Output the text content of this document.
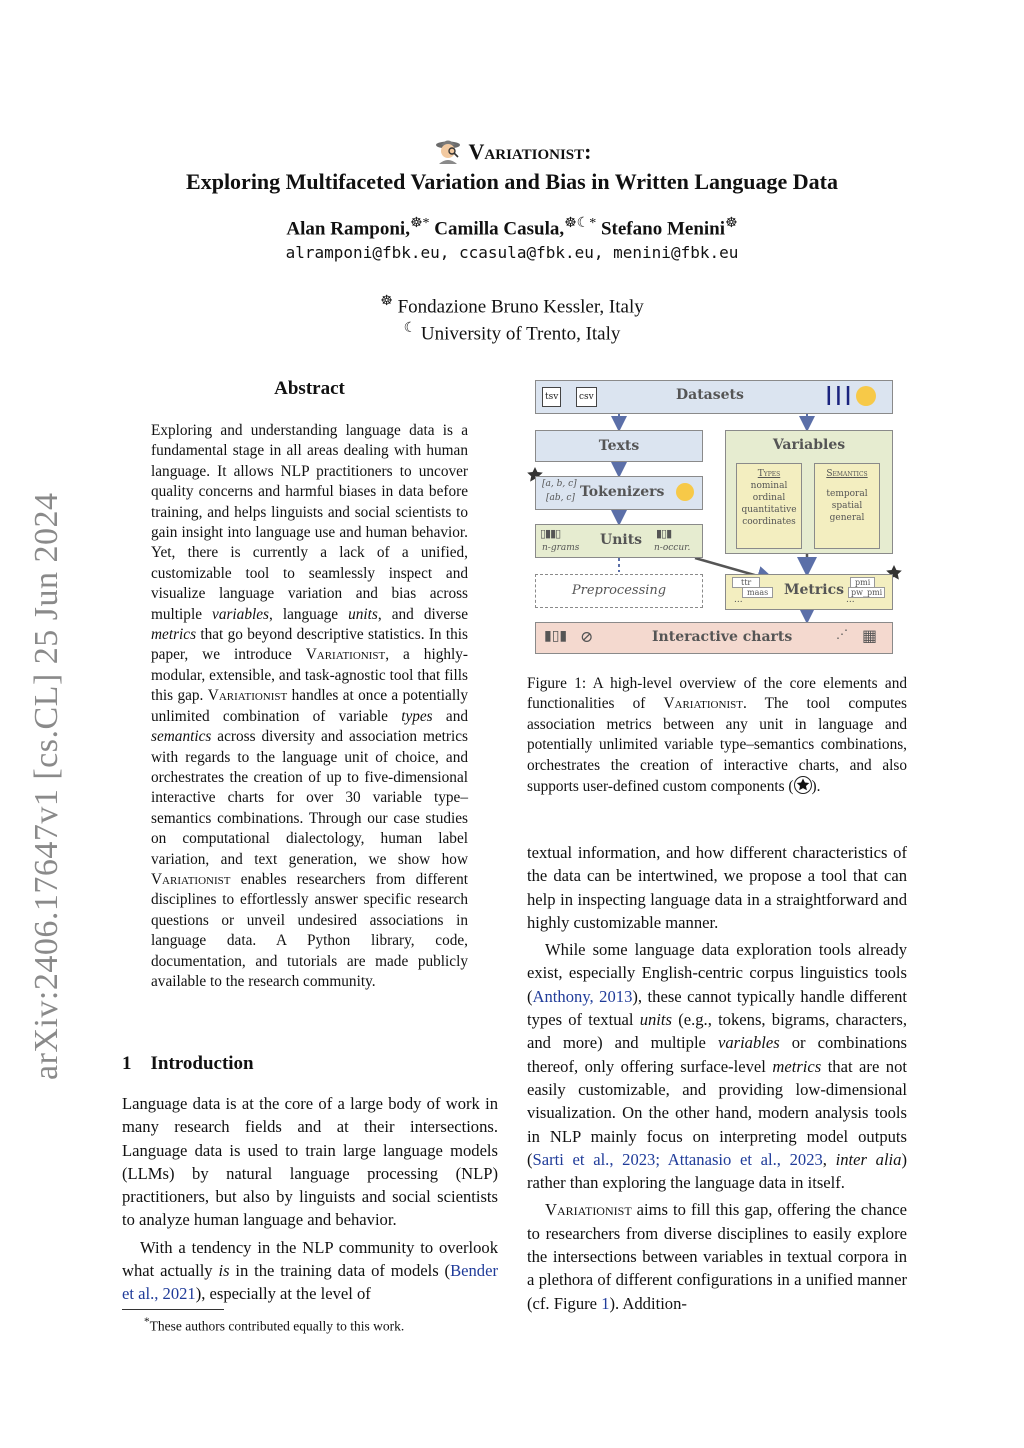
arXiv:2406.17647v1 [cs.CL] 25 Jun 2024
Variationist:
Exploring Multifaceted Variation and Bias in Written Language Data
Alan Ramponi,☸* Camilla Casula,☸☾* Stefano Menini☸
alramponi@fbk.eu, ccasula@fbk.eu, menini@fbk.eu
☸ Fondazione Bruno Kessler, Italy
☾ University of Trento, Italy
Abstract
Exploring and understanding language data is a fundamental stage in all areas dealing with human language. It allows NLP practitioners to uncover quality concerns and harmful biases in data before training, and helps linguists and social scientists to gain insight into language use and human behavior. Yet, there is currently a lack of a unified, customizable tool to seamlessly inspect and visualize language variation and bias across multiple variables, language units, and diverse metrics that go beyond descriptive statistics. In this paper, we introduce Variationist, a highly-modular, extensible, and task-agnostic tool that fills this gap. Variationist handles at once a potentially unlimited combination of variable types and semantics across diversity and association metrics with regards to the language unit of choice, and orchestrates the creation of up to five-dimensional interactive charts for over 30 variable type–semantics combinations. Through our case studies on computational dialectology, human label variation, and text generation, we show how Variationist enables researchers from different disciplines to effortlessly answer specific research questions or unveil undesired associations in language data. A Python library, code, documentation, and tutorials are made publicly available to the research community.
1 Introduction

Language data is at the core of a large body of work in many research fields and at their intersections. Language data is used to train large language models (LLMs) by natural language processing (NLP) practitioners, but also by linguists and social scientists to analyze human language and behavior.

With a tendency in the NLP community to overlook what actually is in the training data of models (Bender et al., 2021), especially at the level of

*These authors contributed equally to this work.
tsv	csv	Datasets	┃┃┃
Texts	Variables
Types
nominal
ordinal
quantitative
coordinates
Semantics
temporal
spatial
general
[a, b, c]
[ab, c] Tokenizers
▯▮▮▯
n-grams Units ▮▯▮
n-occur.
Preprocessing
ttr
maas
...
Metrics	pmi
pw_pmi
...
▮▯▮ ⊘	Interactive charts	⋰ ▦
Figure 1: A high-level overview of the core elements and functionalities of Variationist. The tool computes association metrics between any unit in language and potentially unlimited variable type–semantics combinations, orchestrates the creation of interactive charts, and also supports user-defined custom components ( ).

textual information, and how different characteristics of the data can be intertwined, we propose a tool that can help in inspecting language data in a straightforward and highly customizable manner.

While some language data exploration tools already exist, especially English-centric corpus linguistics tools (Anthony, 2013), these cannot typically handle different types of textual units (e.g., tokens, bigrams, characters, and more) and multiple variables or combinations thereof, only offering surface-level metrics that are not easily customizable, and providing low-dimensional visualization. On the other hand, modern analysis tools in NLP mainly focus on interpreting model outputs (Sarti et al., 2023; Attanasio et al., 2023, inter alia) rather than exploring the language data in itself.

Variationist aims to fill this gap, offering the chance to researchers from diverse disciplines to easily explore the intersections between variables in textual corpora in a plethora of different configurations in a unified manner (cf. Figure 1). Addition-
